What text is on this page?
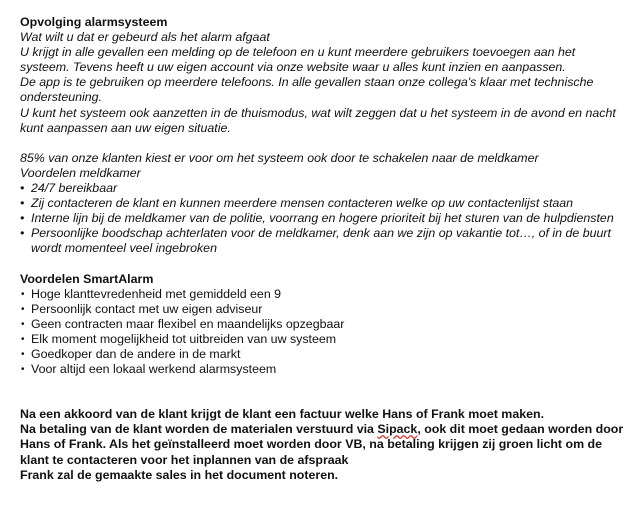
Opvolging alarmsysteem

Wat wilt u dat er gebeurd als het alarm afgaat

U krijgt in alle gevallen een melding op de telefoon en u kunt meerdere gebruikers toevoegen aan het systeem. Tevens heeft u uw eigen account via onze website waar u alles kunt inzien en aanpassen.

De app is te gebruiken op meerdere telefoons. In alle gevallen staan onze collega's klaar met technische ondersteuning.

U kunt het systeem ook aanzetten in de thuismodus, wat wilt zeggen dat u het systeem in de avond en nacht kunt aanpassen aan uw eigen situatie.

85% van onze klanten kiest er voor om het systeem ook door te schakelen naar de meldkamer

Voordelen meldkamer

• 24/7 bereikbaar
• Zij contacteren de klant en kunnen meerdere mensen contacteren welke op uw contactenlijst staan
• Interne lijn bij de meldkamer van de politie, voorrang en hogere prioriteit bij het sturen van de hulpdiensten
• Persoonlijke boodschap achterlaten voor de meldkamer, denk aan we zijn op vakantie tot…, of in de buurt wordt momenteel veel ingebroken

Voordelen SmartAlarm

• Hoge klanttevredenheid met gemiddeld een 9
• Persoonlijk contact met uw eigen adviseur
• Geen contracten maar flexibel en maandelijks opzegbaar
• Elk moment mogelijkheid tot uitbreiden van uw systeem
• Goedkoper dan de andere in de markt
• Voor altijd een lokaal werkend alarmsysteem

Na een akkoord van de klant krijgt de klant een factuur welke Hans of Frank moet maken.

Na betaling van de klant worden de materialen verstuurd via Sipack, ook dit moet gedaan worden door Hans of Frank. Als het geïnstalleerd moet worden door VB, na betaling krijgen zij groen licht om de klant te contacteren voor het inplannen van de afspraak

Frank zal de gemaakte sales in het document noteren.
